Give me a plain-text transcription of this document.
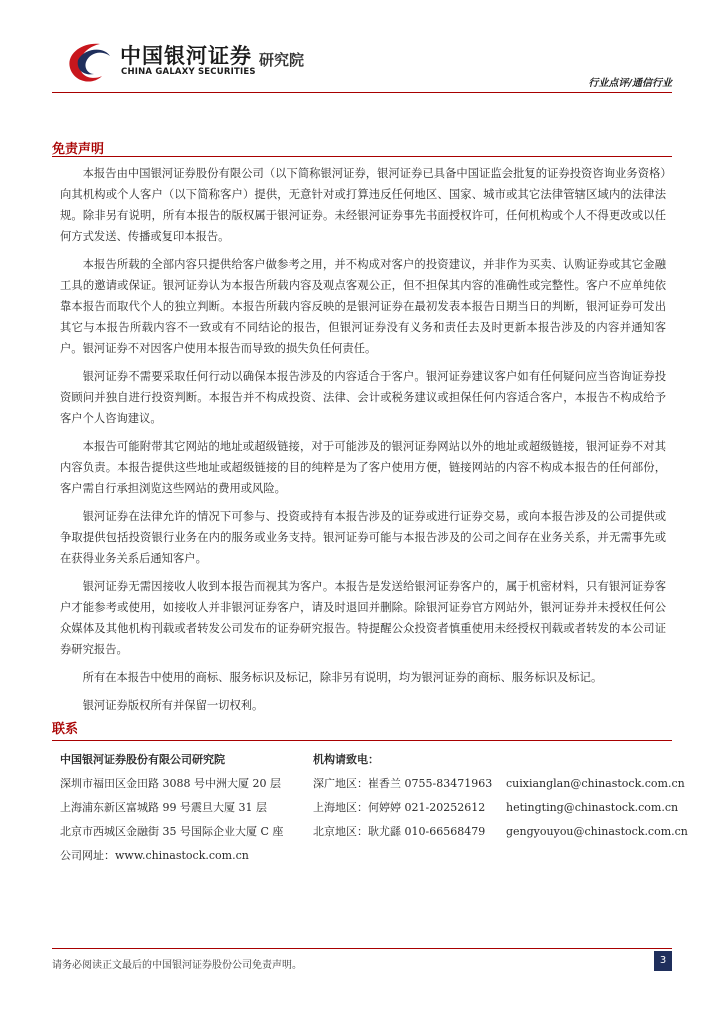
中国银河证券
CHINA GALAXY SECURITIES
研究院
行业点评/通信行业
免责声明

本报告由中国银河证券股份有限公司（以下简称银河证券，银河证券已具备中国证监会批复的证券投资咨询业务资格）向其机构或个人客户（以下简称客户）提供，无意针对或打算违反任何地区、国家、城市或其它法律管辖区域内的法律法规。除非另有说明，所有本报告的版权属于银河证券。未经银河证券事先书面授权许可，任何机构或个人不得更改或以任何方式发送、传播或复印本报告。

本报告所载的全部内容只提供给客户做参考之用，并不构成对客户的投资建议，并非作为买卖、认购证券或其它金融工具的邀请或保证。银河证券认为本报告所载内容及观点客观公正，但不担保其内容的准确性或完整性。客户不应单纯依靠本报告而取代个人的独立判断。本报告所载内容反映的是银河证券在最初发表本报告日期当日的判断，银河证券可发出其它与本报告所载内容不一致或有不同结论的报告，但银河证券没有义务和责任去及时更新本报告涉及的内容并通知客户。银河证券不对因客户使用本报告而导致的损失负任何责任。

银河证券不需要采取任何行动以确保本报告涉及的内容适合于客户。银河证券建议客户如有任何疑问应当咨询证券投资顾问并独自进行投资判断。本报告并不构成投资、法律、会计或税务建议或担保任何内容适合客户，本报告不构成给予客户个人咨询建议。

本报告可能附带其它网站的地址或超级链接，对于可能涉及的银河证券网站以外的地址或超级链接，银河证券不对其内容负责。本报告提供这些地址或超级链接的目的纯粹是为了客户使用方便，链接网站的内容不构成本报告的任何部份，客户需自行承担浏览这些网站的费用或风险。

银河证券在法律允许的情况下可参与、投资或持有本报告涉及的证券或进行证券交易，或向本报告涉及的公司提供或争取提供包括投资银行业务在内的服务或业务支持。银河证券可能与本报告涉及的公司之间存在业务关系，并无需事先或在获得业务关系后通知客户。

银河证券无需因接收人收到本报告而视其为客户。本报告是发送给银河证券客户的，属于机密材料，只有银河证券客户才能参考或使用，如接收人并非银河证券客户，请及时退回并删除。除银河证券官方网站外，银河证券并未授权任何公众媒体及其他机构刊载或者转发公司发布的证券研究报告。特提醒公众投资者慎重使用未经授权刊载或者转发的本公司证券研究报告。

所有在本报告中使用的商标、服务标识及标记，除非另有说明，均为银河证券的商标、服务标识及标记。

银河证券版权所有并保留一切权利。

联系
中国银河证券股份有限公司研究院	机构请致电：
深圳市福田区金田路 3088 号中洲大厦 20 层	深广地区：崔香兰 0755-83471963 cuixianglan@chinastock.com.cn
上海浦东新区富城路 99 号震旦大厦 31 层	上海地区：何婷婷 021-20252612 hetingting@chinastock.com.cn
北京市西城区金融街 35 号国际企业大厦 C 座	北京地区：耿尤繇 010-66568479 gengyouyou@chinastock.com.cn
公司网址：www.chinastock.com.cn
请务必阅读正文最后的中国银河证券股份公司免责声明。	3
